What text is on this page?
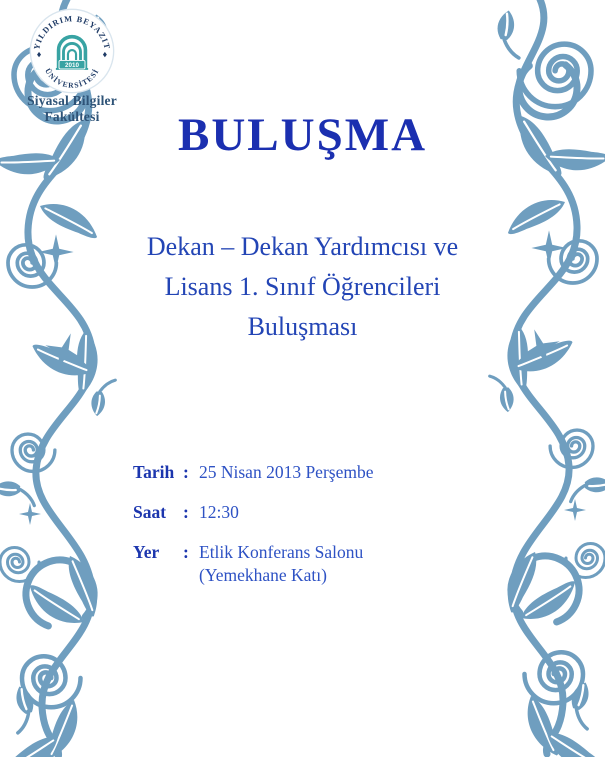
YILDIRIM BEYAZIT
ÜNİVERSİTESİ
2010
Siyasal Bilgiler
Fakültesi	BULUŞMA
Dekan – Dekan Yardımcısı ve
Lisans 1. Sınıf Öğrencileri
Buluşması
Tarih : 25 Nisan 2013 Perşembe
Saat : 12:30
Yer	: Etlik Konferans Salonu
(Yemekhane Katı)
